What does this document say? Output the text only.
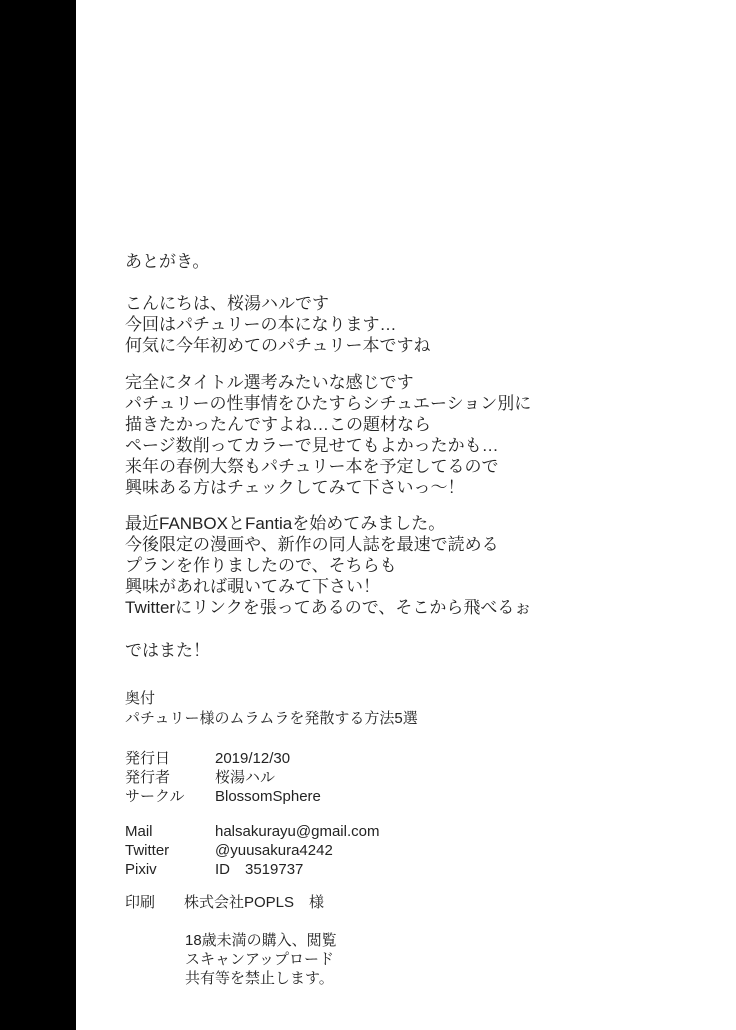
あとがき。
こんにちは、桜湯ハルです
今回はパチュリーの本になります…
何気に今年初めてのパチュリー本ですね
完全にタイトル選考みたいな感じです
パチュリーの性事情をひたすらシチュエーション別に
描きたかったんですよね…この題材なら
ページ数削ってカラーで見せてもよかったかも…
来年の春例大祭もパチュリー本を予定してるので
興味ある方はチェックしてみて下さいっ～！
最近FANBOXとFantiaを始めてみました。
今後限定の漫画や、新作の同人誌を最速で読める
プランを作りましたので、そちらも
興味があれば覗いてみて下さい！
Twitterにリンクを張ってあるので、そこから飛べるぉ
ではまた！
奥付
パチュリー様のムラムラを発散する方法5選
発行日	2019/12/30
発行者	桜湯ハル
サークル	BlossomSphere
Mail	halsakurayu@gmail.com
Twitter	@yuusakura4242
Pixiv	ID　3519737
印刷	株式会社POPLS　様
18歳未満の購入、閲覧
スキャンアップロード
共有等を禁止します。
